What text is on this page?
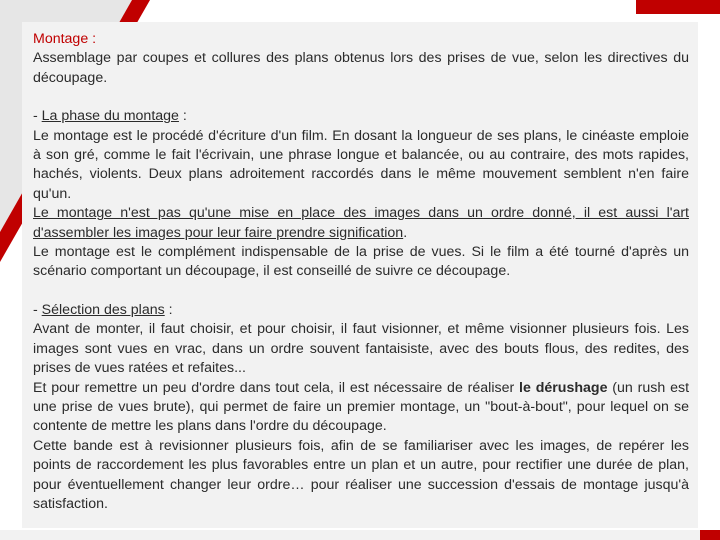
Montage :

Assemblage par coupes et collures des plans obtenus lors des prises de vue, selon les directives du découpage.

- La phase du montage :

Le montage est le procédé d'écriture d'un film. En dosant la longueur de ses plans, le cinéaste emploie à son gré, comme le fait l'écrivain, une phrase longue et balancée, ou au contraire, des mots rapides, hachés, violents. Deux plans adroitement raccordés dans le même mouvement semblent n'en faire qu'un.

Le montage n'est pas qu'une mise en place des images dans un ordre donné, il est aussi l'art d'assembler les images pour leur faire prendre signification.

Le montage est le complément indispensable de la prise de vues. Si le film a été tourné d'après un scénario comportant un découpage, il est conseillé de suivre ce découpage.

- Sélection des plans :

Avant de monter, il faut choisir, et pour choisir, il faut visionner, et même visionner plusieurs fois. Les images sont vues en vrac, dans un ordre souvent fantaisiste, avec des bouts flous, des redites, des prises de vues ratées et refaites...

Et pour remettre un peu d'ordre dans tout cela, il est nécessaire de réaliser le dérushage (un rush est une prise de vues brute), qui permet de faire un premier montage, un "bout-à-bout", pour lequel on se contente de mettre les plans dans l'ordre du découpage.

Cette bande est à revisionner plusieurs fois, afin de se familiariser avec les images, de repérer les points de raccordement les plus favorables entre un plan et un autre, pour rectifier une durée de plan, pour éventuellement changer leur ordre… pour réaliser une succession d'essais de montage jusqu'à satisfaction.
